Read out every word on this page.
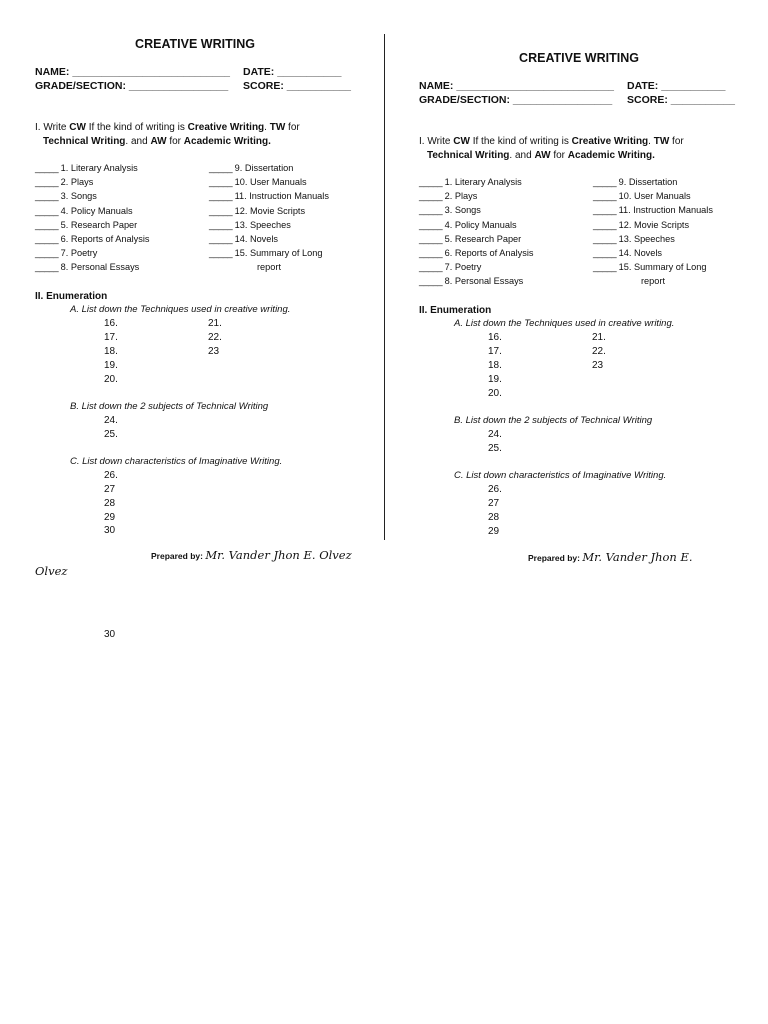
CREATIVE WRITING
NAME: ___________________________ DATE: ___________
GRADE/SECTION: _________________ SCORE: ___________
I. Write CW If the kind of writing is Creative Writing. TW for
Technical Writing. and AW for Academic Writing.
_____ 1. Literary Analysis
_____ 2. Plays
_____ 3. Songs
_____ 4. Policy Manuals
_____ 5. Research Paper
_____ 6. Reports of Analysis
_____ 7. Poetry
_____ 8. Personal Essays
_____ 9. Dissertation
_____ 10. User Manuals
_____ 11. Instruction Manuals
_____ 12. Movie Scripts
_____ 13. Speeches
_____ 14. Novels
_____ 15. Summary of Long
report
II. Enumeration
A. List down the Techniques used in creative writing.
16.
17.
18.
19.
20.
21.
22.
23
B. List down the 2 subjects of Technical Writing
24.
25.
C. List down characteristics of Imaginative Writing.
26.
27
28
29
30
Prepared by: Mr. Vander Jhon E. Olvez
Olvez
30
CREATIVE WRITING
NAME: ___________________________ DATE: ___________
GRADE/SECTION: _________________ SCORE: ___________
I. Write CW If the kind of writing is Creative Writing. TW for
Technical Writing. and AW for Academic Writing.
_____ 1. Literary Analysis
_____ 2. Plays
_____ 3. Songs
_____ 4. Policy Manuals
_____ 5. Research Paper
_____ 6. Reports of Analysis
_____ 7. Poetry
_____ 8. Personal Essays
_____ 9. Dissertation
_____ 10. User Manuals
_____ 11. Instruction Manuals
_____ 12. Movie Scripts
_____ 13. Speeches
_____ 14. Novels
_____ 15. Summary of Long
report
II. Enumeration
A. List down the Techniques used in creative writing.
16.
17.
18.
19.
20.
21.
22.
23
B. List down the 2 subjects of Technical Writing
24.
25.
C. List down characteristics of Imaginative Writing.
26.
27
28
29
Prepared by: Mr. Vander Jhon E.
